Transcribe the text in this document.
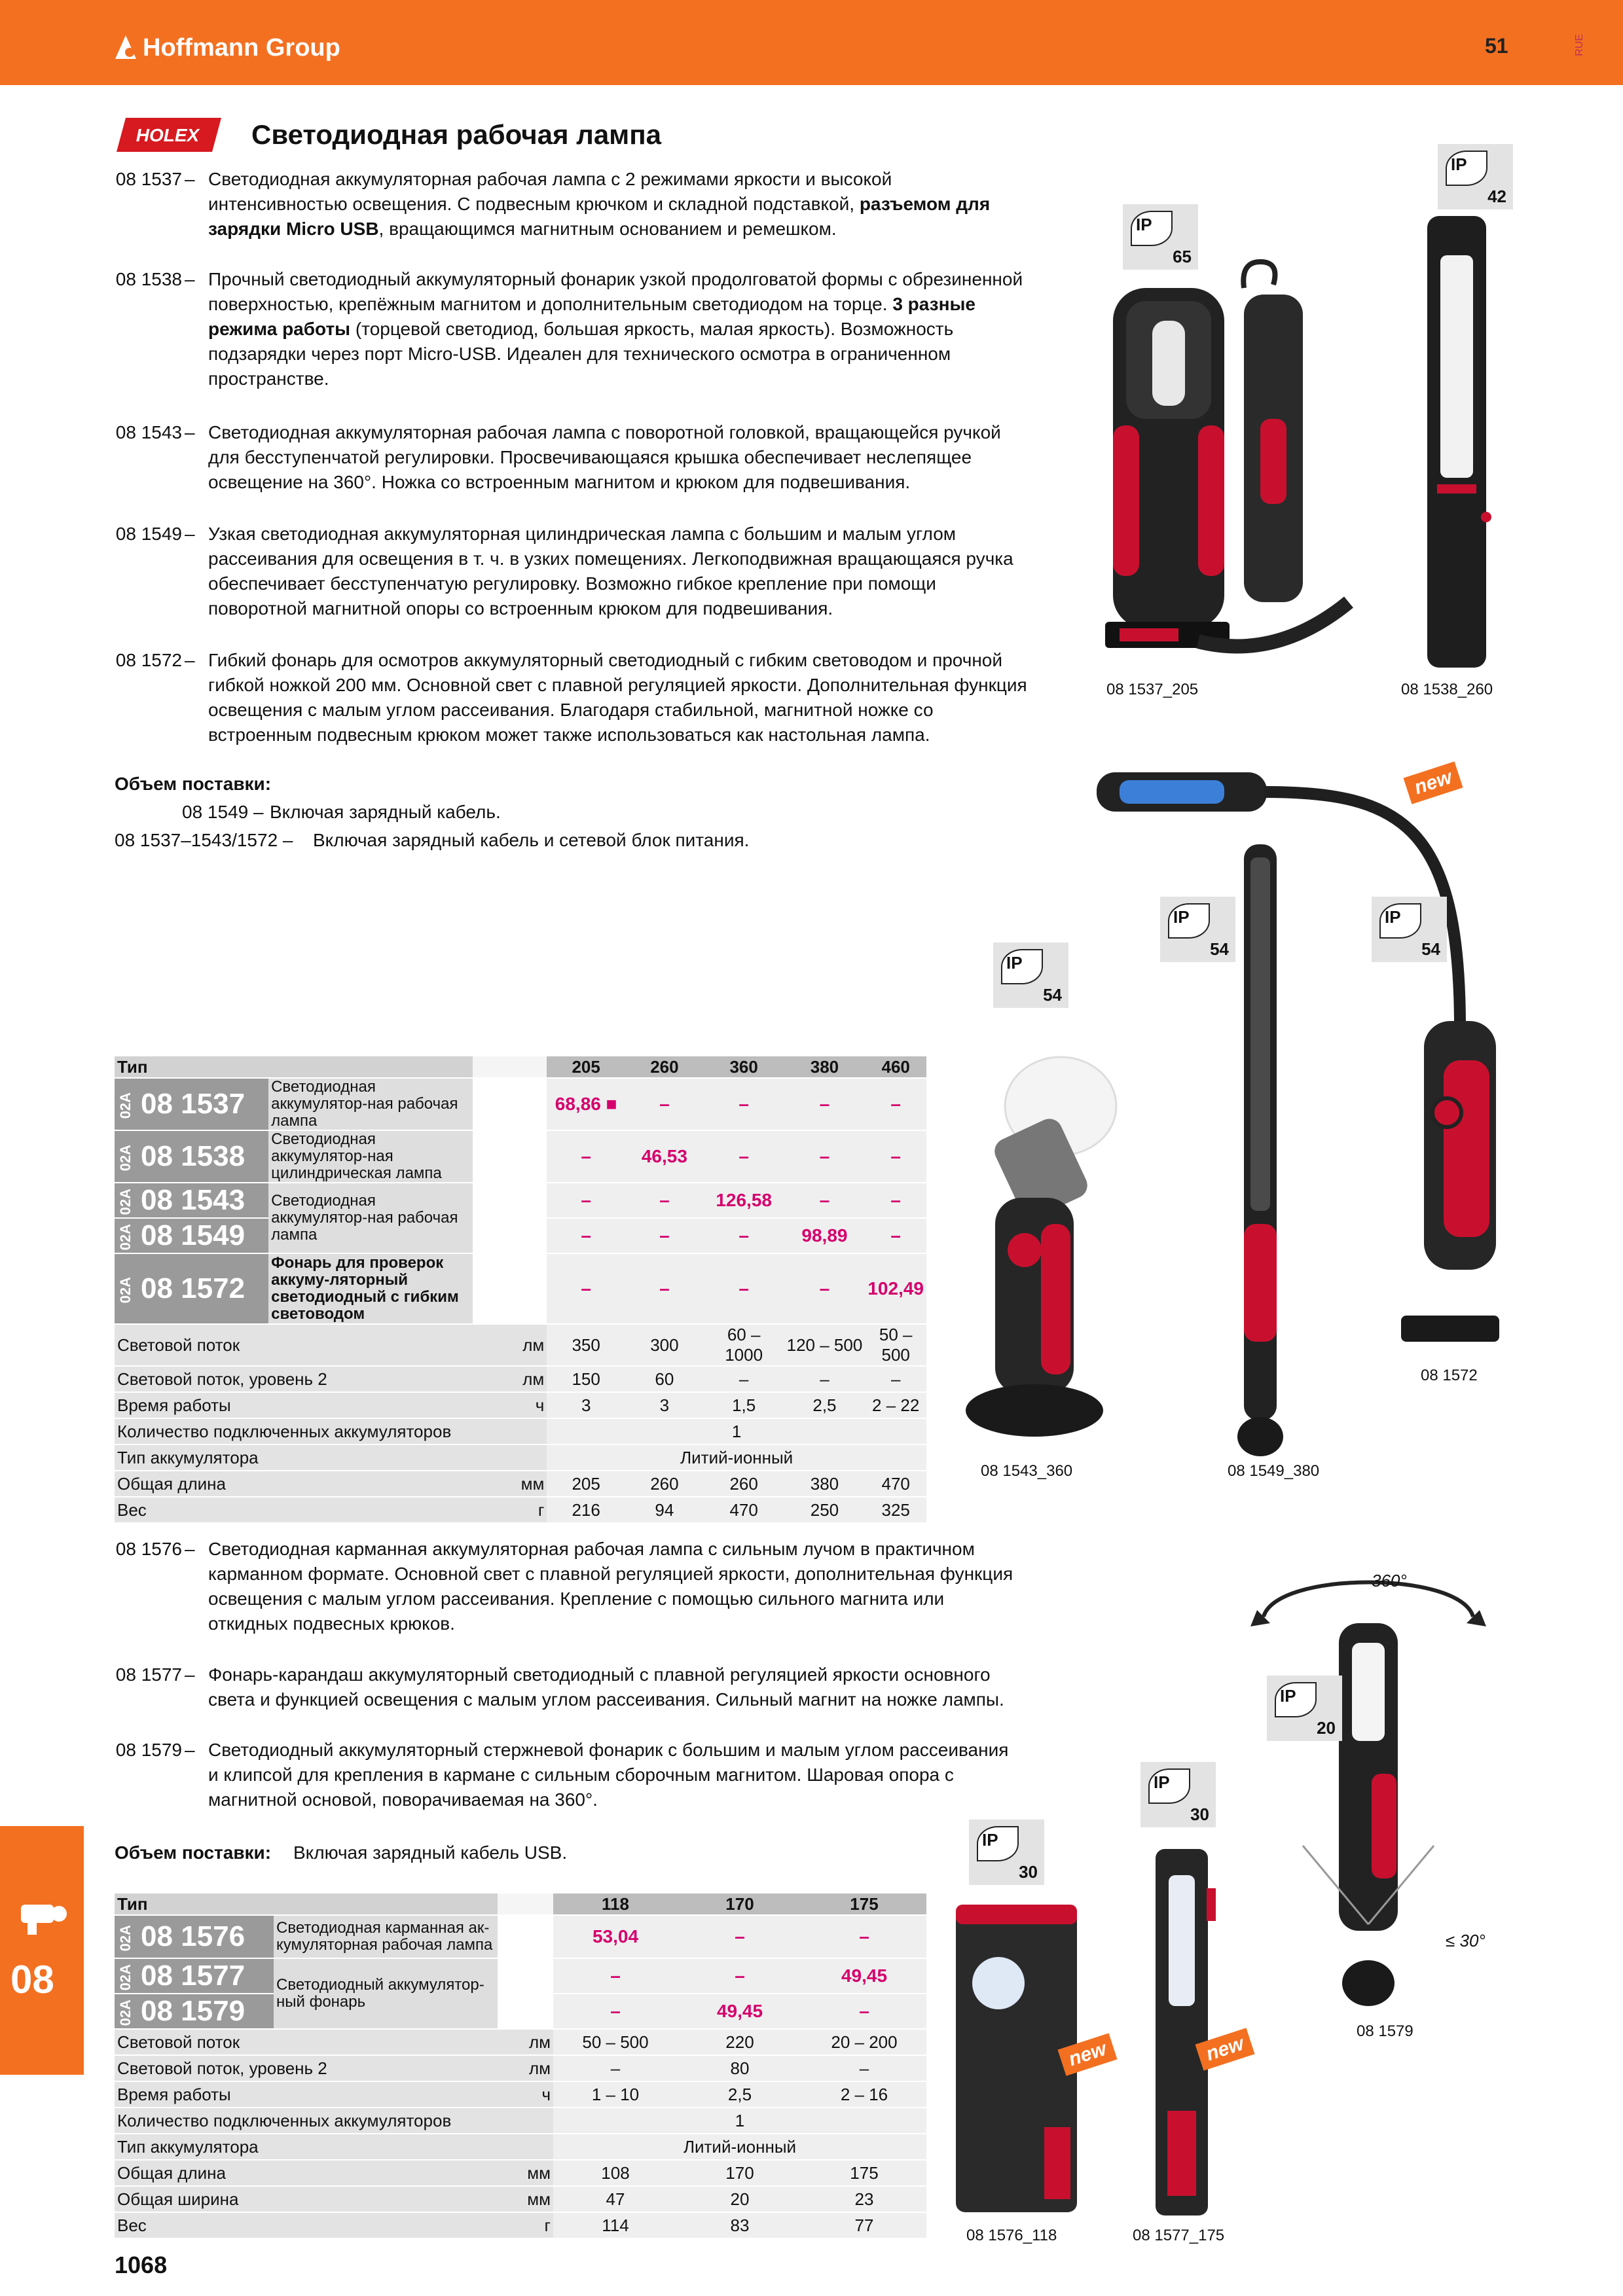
Hoffmann Group	51	RUE
HOLEX Светодиодная рабочая лампа
08 1537 – Светодиодная аккумуляторная рабочая лампа с 2 режимами яркости и высокой интенсивностью освещения. С подвесным крючком и складной подставкой, разъемом для зарядки Micro USB, вращающимся магнитным основанием и ремешком.
08 1538 – Прочный светодиодный аккумуляторный фонарик узкой продолговатой формы с обрезиненной поверхностью, крепёжным магнитом и дополнительным светодиодом на торце. 3 разные режима работы (торцевой светодиод, большая яркость, малая яркость). Возможность подзарядки через порт Micro-USB. Идеален для технического осмотра в ограниченном пространстве.
08 1543 – Светодиодная аккумуляторная рабочая лампа с поворотной головкой, вращающейся ручкой для бесступенчатой регулировки. Просвечивающаяся крышка обеспечивает неслепящее освещение на 360°. Ножка со встроенным магнитом и крюком для подвешивания.
08 1549 – Узкая светодиодная аккумуляторная цилиндрическая лампа с большим и малым углом рассеивания для освещения в т. ч. в узких помещениях. Легкоподвижная вращающаяся ручка обеспечивает бесступенчатую регулировку. Возможно гибкое крепление при помощи поворотной магнитной опоры со встроенным крюком для подвешивания.
08 1572 – Гибкий фонарь для осмотров аккумуляторный светодиодный с гибким световодом и прочной гибкой ножкой 200 мм. Основной свет с плавной регуляцией яркости. Дополнительная функция освещения с малым углом рассеивания. Благодаря стабильной, магнитной ножке со встроенным подвесным крюком может также использоваться как настольная лампа.
Объем поставки:
08 1549 – Включая зарядный кабель.
08 1537–1543/1572 – Включая зарядный кабель и сетевой блок питания.
Тип			205	260	360	380	460
02A 08 1537	Светодиодная аккумулятор-ная рабочая лампа		68,86 ■	–	–	–	–
02A 08 1538	Светодиодная аккумулятор-ная цилиндрическая лампа		–	46,53	–	–	–
02A 08 1543	Светодиодная аккумулятор-ная рабочая лампа		–	–	126,58	–	–
02A 08 1549			–	–	–	98,89	–
02A 08 1572	Фонарь для проверок аккуму-ляторный светодиодный с гибким световодом		–	–	–	–	102,49
Световой поток		лм	350	300	60 – 1000	120 – 500	50 – 500
Световой поток, уровень 2		лм	150	60	–	–	–
Время работы		ч	3	3	1,5	2,5	2 – 22
Количество подключенных аккумуляторов			1				
Тип аккумулятора			Литий-ионный				
Общая длина		мм	205	260	260	380	470
Вес		г	216	94	470	250	325
08 1576 – Светодиодная карманная аккумуляторная рабочая лампа с сильным лучом в практичном карманном формате. Основной свет с плавной регуляцией яркости, дополнительная функция освещения с малым углом рассеивания. Крепление с помощью сильного магнита или откидных подвесных крюков.
08 1577 – Фонарь-карандаш аккумуляторный светодиодный с плавной регуляцией яркости основного света и функцией освещения с малым углом рассеивания. Сильный магнит на ножке лампы.
08 1579 – Светодиодный аккумуляторный стержневой фонарик с большим и малым углом рассеивания и клипсой для крепления в кармане с сильным сборочным магнитом. Шаровая опора с магнитной основой, поворачиваемая на 360°.
Объем поставки: Включая зарядный кабель USB.
Тип			118	170	175
02A 08 1576	Светодиодная карманная ак-кумуляторная рабочая лампа		53,04	–	–
02A 08 1577	Светодиодный аккумулятор-ный фонарь		–	–	49,45
02A 08 1579			–	49,45	–
Световой поток		лм	50 – 500	220	20 – 200
Световой поток, уровень 2		лм	–	80	–
Время работы		ч	1 – 10	2,5	2 – 16
Количество подключенных аккумуляторов			1		
Тип аккумулятора			Литий-ионный		
Общая длина		мм	108	170	175
Общая ширина		мм	47	20	23
Вес		г	114	83	77
IP
42
IP
65
IP
54
IP
54
IP
54
IP
20
IP
30
IP
30
new
new	new
360°
≤ 30°
08 1537_205	08 1538_260
08 1572
08 1543_360	08 1549_380
08 1579
08 1576_118	08 1577_175
08
1068
